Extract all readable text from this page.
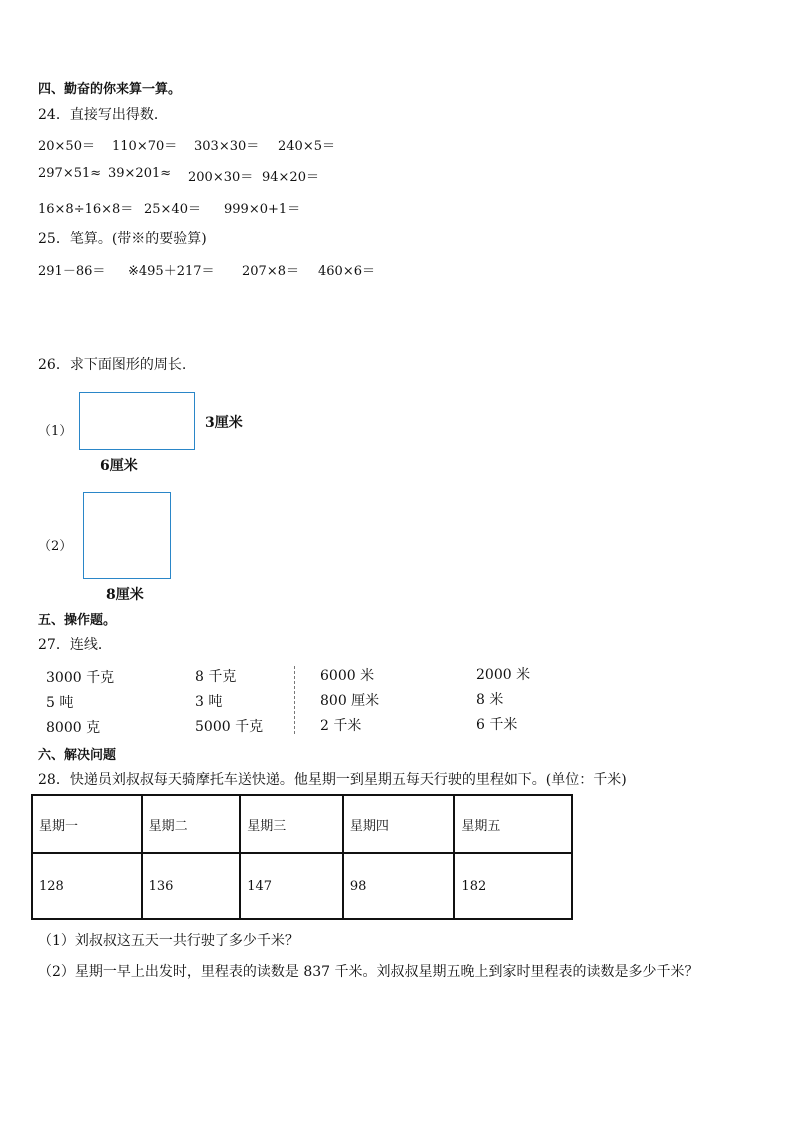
四、勤奋的你来算一算。
24．直接写出得数．
20×50＝ 110×70＝ 303×30＝ 240×5＝
297×51≈ 39×201≈ 200×30＝ 94×20＝
16×8÷16×8＝ 25×40＝ 999×0+1＝
25．笔算。(带※的要验算)
291－86＝ ※495＋217＝ 207×8＝ 460×6＝
26．求下面图形的周长.
（1）
3厘米
6厘米
（2）
8厘米
五、操作题。
27．连线．
3000 千克
5 吨
8000 克
8 千克
3 吨
5000 千克
6000 米
800 厘米
2 千米
2000 米
8 米
6 千米
六、解决问题
28．快递员刘叔叔每天骑摩托车送快递。他星期一到星期五每天行驶的里程如下。(单位：千米)
星期一	星期二	星期三	星期四	星期五
128	136	147	98	182
（1）刘叔叔这五天一共行驶了多少千米？
（2）星期一早上出发时，里程表的读数是 837 千米。刘叔叔星期五晚上到家时里程表的读数是多少千米？
